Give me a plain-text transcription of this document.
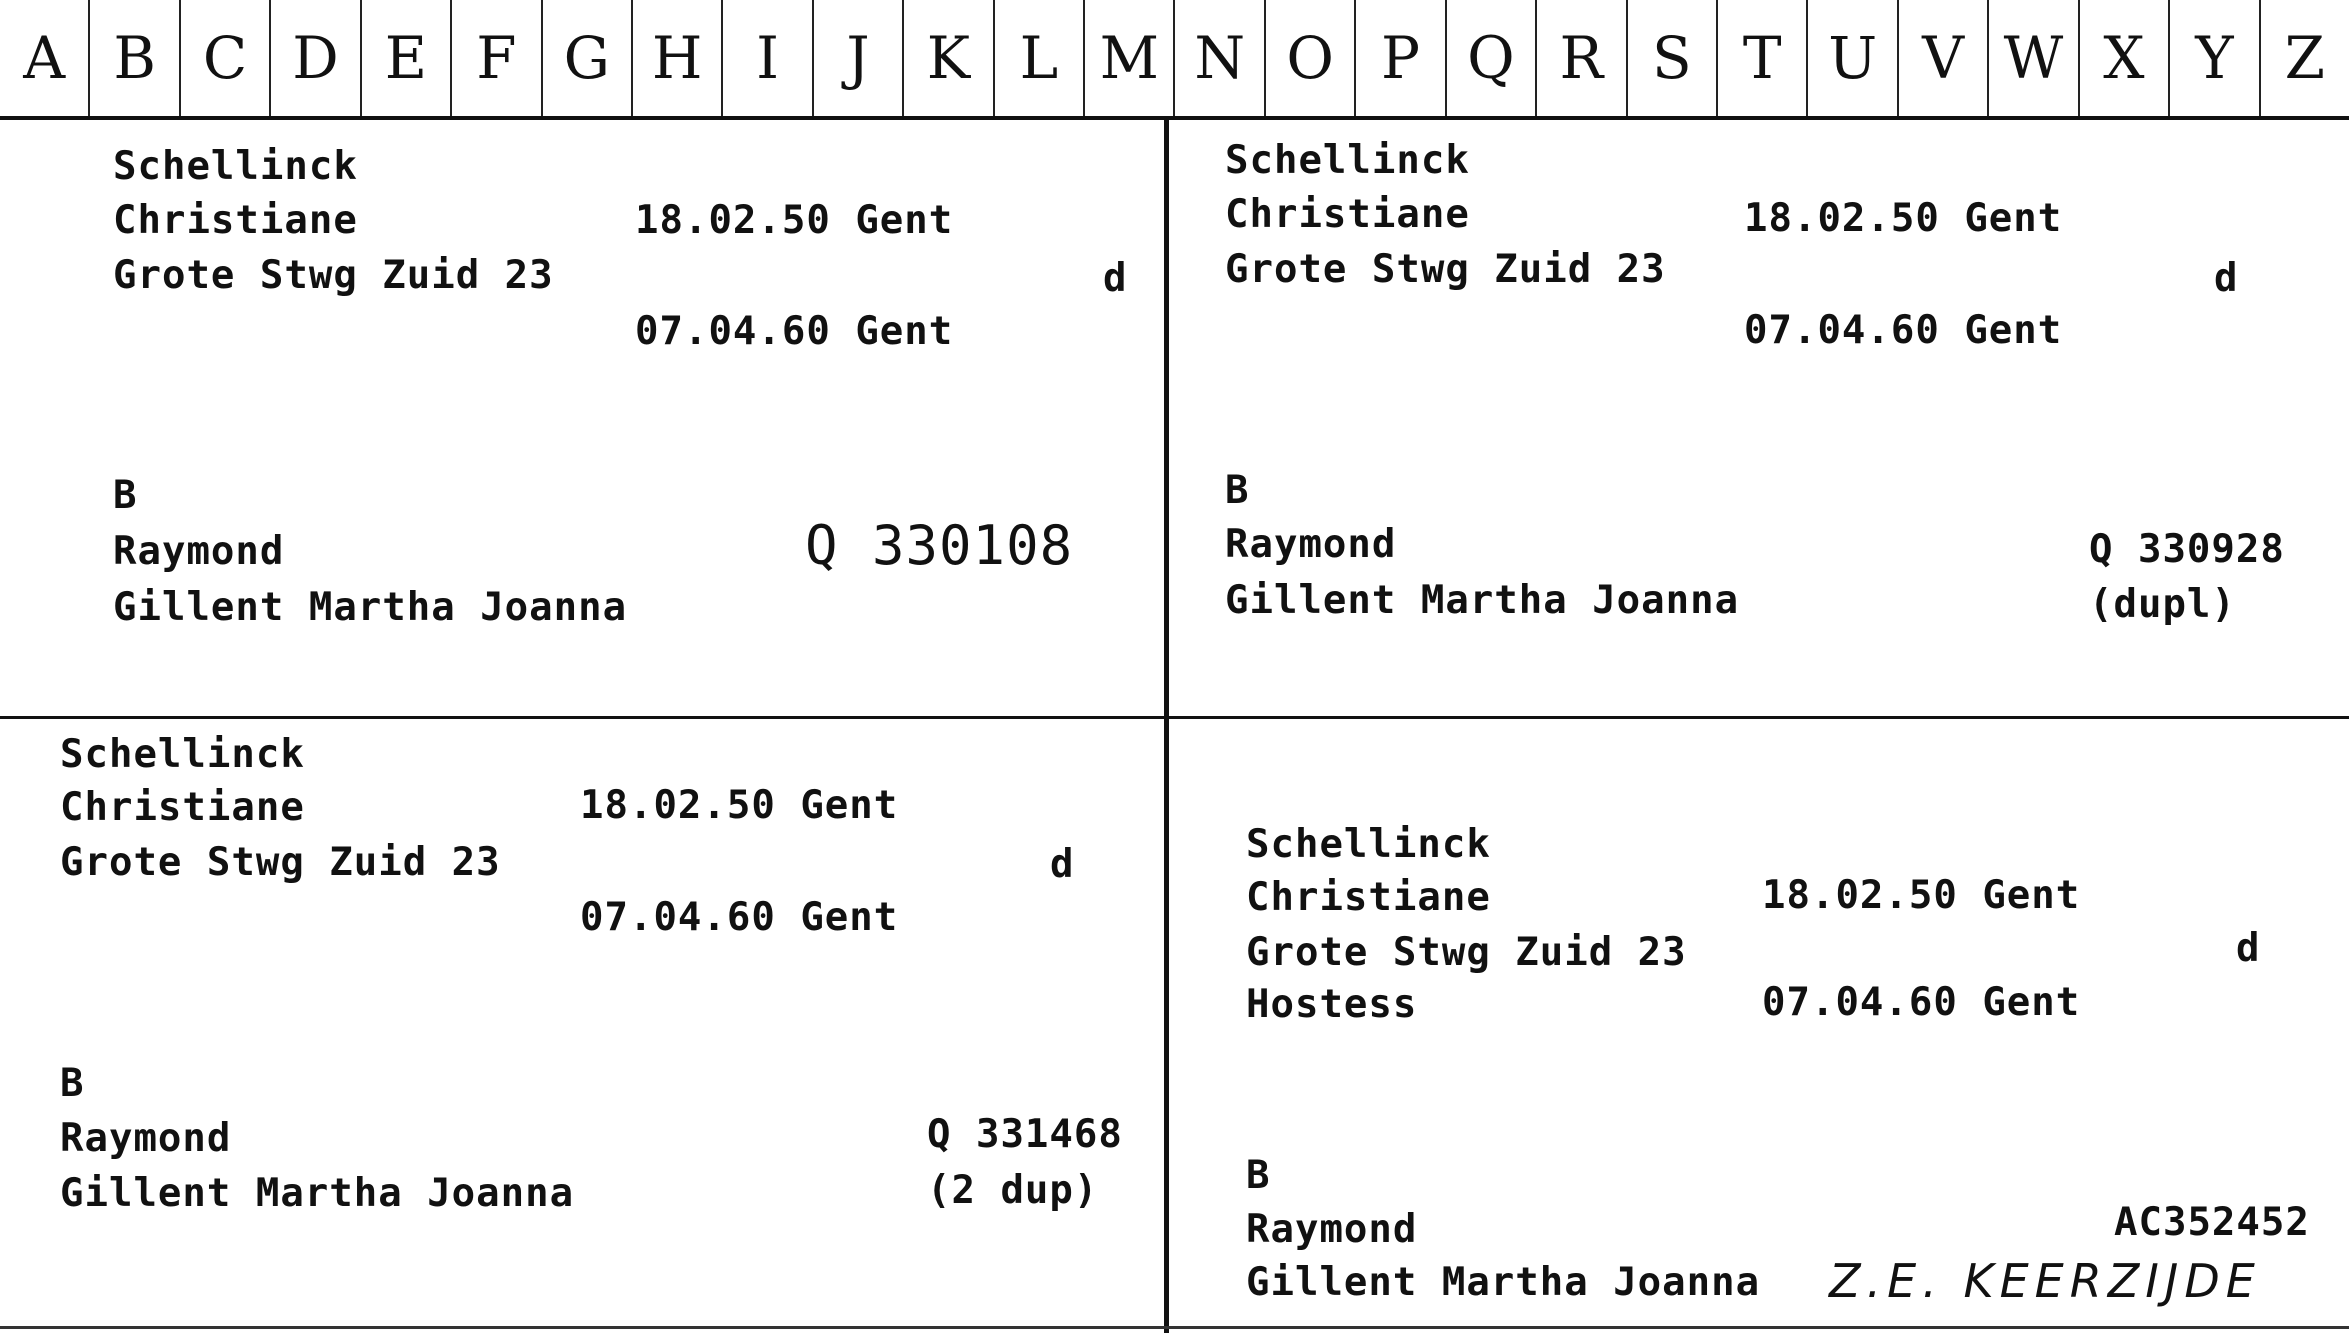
A B C D E F G H I	J K L M N O P Q R S T U V W X Y Z
Schellinck
Christiane	18.02.50 Gent
Grote Stwg Zuid 23	d
07.04.60 Gent
B
Raymond	Q 330108
Gillent Martha Joanna
Schellinck
Christiane	18.02.50 Gent
Grote Stwg Zuid 23	d
07.04.60 Gent
B
Raymond	Q 330928
Gillent Martha Joanna	(dupl)
Schellinck
Christiane	18.02.50 Gent
Grote Stwg Zuid 23	d
07.04.60 Gent
B
Raymond	Q 331468
Gillent Martha Joanna	(2 dup)
Schellinck
Christiane	18.02.50 Gent
Grote Stwg Zuid 23	d
Hostess	07.04.60 Gent
B
Raymond	AC352452
Gillent Martha Joanna Z.E. KEERZIJDE
